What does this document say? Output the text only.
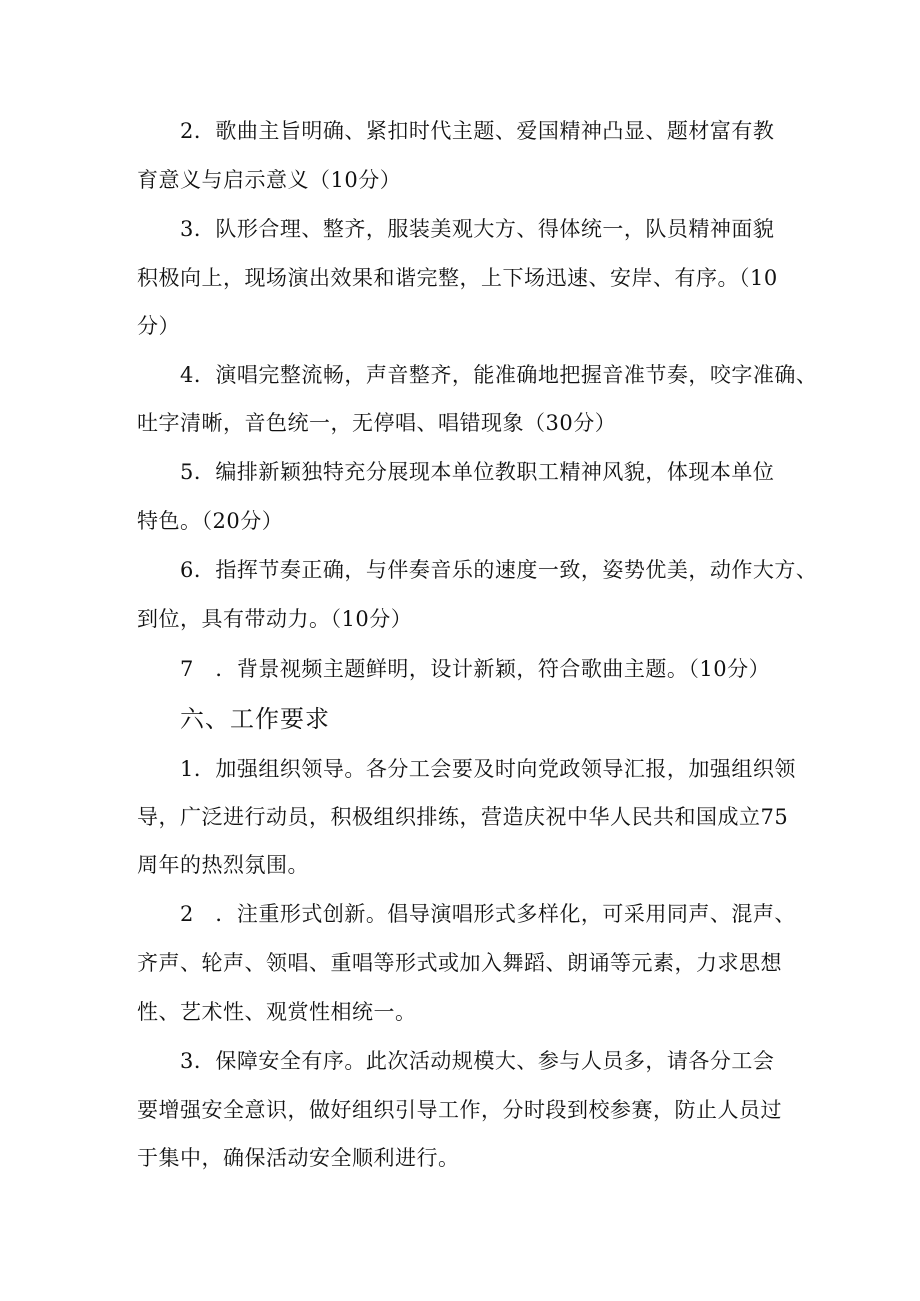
2．歌曲主旨明确、紧扣时代主题、爱国精神凸显、题材富有教
育意义与启示意义（10分）
3．队形合理、整齐，服装美观大方、得体统一，队员精神面貌
积极向上，现场演出效果和谐完整，上下场迅速、安岸、有序。（10
分）
4．演唱完整流畅，声音整齐，能准确地把握音准节奏，咬字准确、
吐字清晰，音色统一，无停唱、唱错现象（30分）
5．编排新颖独特充分展现本单位教职工精神风貌，体现本单位
特色。（20分）
6．指挥节奏正确，与伴奏音乐的速度一致，姿势优美，动作大方、
到位，具有带动力。（10分）
7　．背景视频主题鲜明，设计新颖，符合歌曲主题。（10分）
六、工作要求
1．加强组织领导。各分工会要及时向党政领导汇报，加强组织领
导，广泛进行动员，积极组织排练，营造庆祝中华人民共和国成立75
周年的热烈氛围。
2　．注重形式创新。倡导演唱形式多样化，可采用同声、混声、
齐声、轮声、领唱、重唱等形式或加入舞蹈、朗诵等元素，力求思想
性、艺术性、观赏性相统一。
3．保障安全有序。此次活动规模大、参与人员多，请各分工会
要增强安全意识，做好组织引导工作，分时段到校参赛，防止人员过
于集中，确保活动安全顺利进行。
